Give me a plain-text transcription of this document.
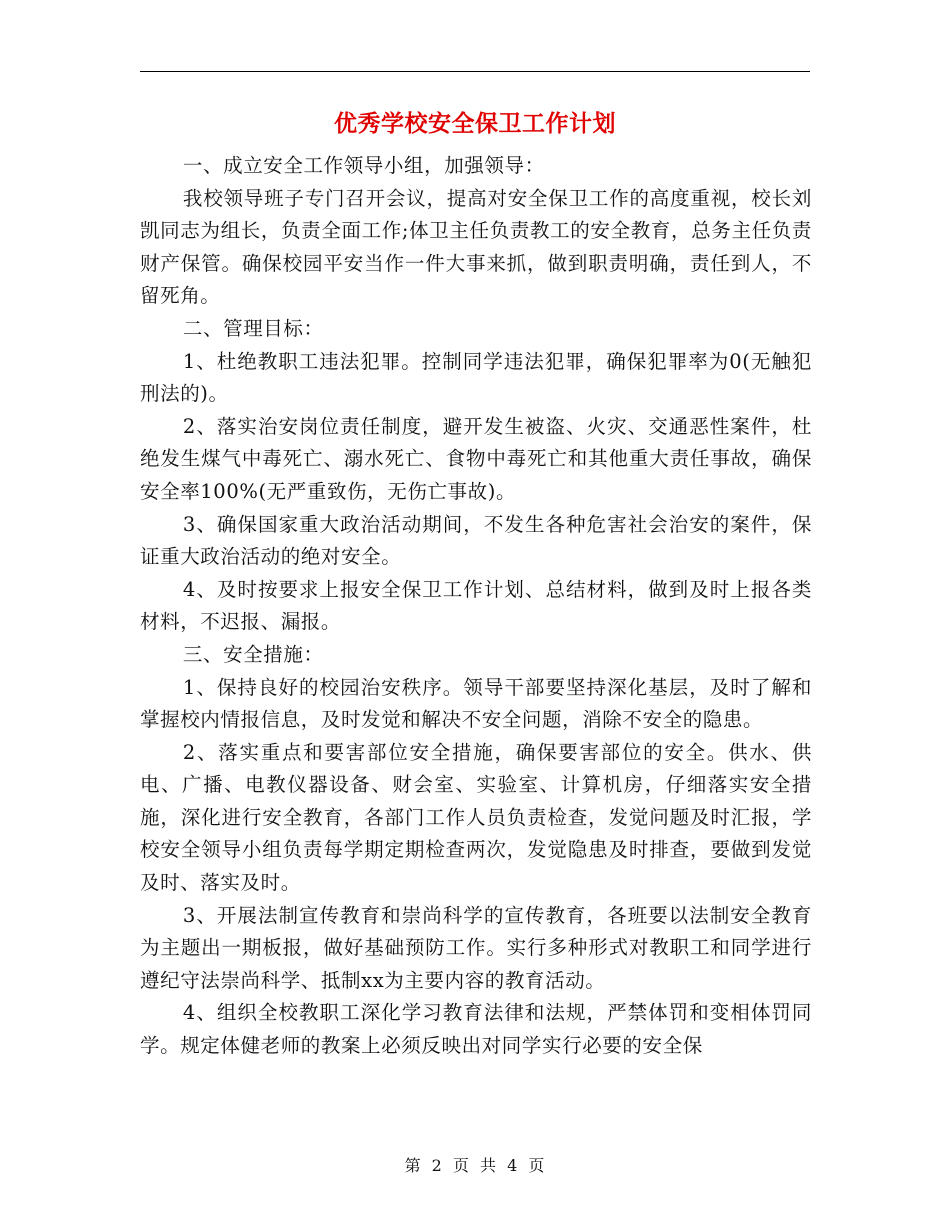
优秀学校安全保卫工作计划

一、成立安全工作领导小组，加强领导：

我校领导班子专门召开会议，提高对安全保卫工作的高度重视，校长刘凯同志为组长，负责全面工作;体卫主任负责教工的安全教育，总务主任负责财产保管。确保校园平安当作一件大事来抓，做到职责明确，责任到人，不留死角。

二、管理目标：

1、杜绝教职工违法犯罪。控制同学违法犯罪，确保犯罪率为0(无触犯刑法的)。

2、落实治安岗位责任制度，避开发生被盗、火灾、交通恶性案件，杜绝发生煤气中毒死亡、溺水死亡、食物中毒死亡和其他重大责任事故，确保安全率100%(无严重致伤，无伤亡事故)。

3、确保国家重大政治活动期间，不发生各种危害社会治安的案件，保证重大政治活动的绝对安全。

4、及时按要求上报安全保卫工作计划、总结材料，做到及时上报各类材料，不迟报、漏报。

三、安全措施：

1、保持良好的校园治安秩序。领导干部要坚持深化基层，及时了解和掌握校内情报信息，及时发觉和解决不安全问题，消除不安全的隐患。

2、落实重点和要害部位安全措施，确保要害部位的安全。供水、供电、广播、电教仪器设备、财会室、实验室、计算机房，仔细落实安全措施，深化进行安全教育，各部门工作人员负责检查，发觉问题及时汇报，学校安全领导小组负责每学期定期检查两次，发觉隐患及时排查，要做到发觉及时、落实及时。

3、开展法制宣传教育和崇尚科学的宣传教育，各班要以法制安全教育为主题出一期板报，做好基础预防工作。实行多种形式对教职工和同学进行遵纪守法崇尚科学、抵制xx为主要内容的教育活动。

4、组织全校教职工深化学习教育法律和法规，严禁体罚和变相体罚同学。规定体健老师的教案上必须反映出对同学实行必要的安全保

第 2 页 共 4 页
